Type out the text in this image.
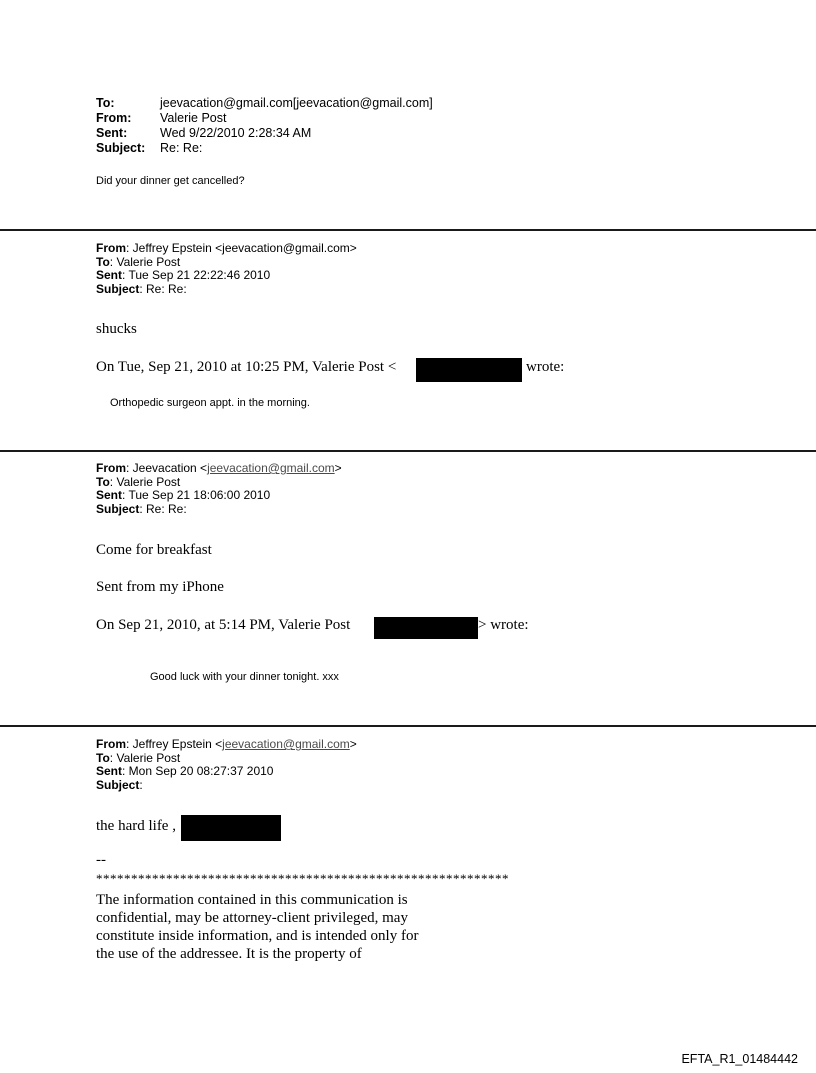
To:	jeevacation@gmail.com[jeevacation@gmail.com]
From: Valerie Post
Sent:	Wed 9/22/2010 2:28:34 AM
Subject: Re: Re:
Did your dinner get cancelled?
From: Jeffrey Epstein <jeevacation@gmail.com>
To: Valerie Post
Sent: Tue Sep 21 22:22:46 2010
Subject: Re: Re:
shucks
On Tue, Sep 21, 2010 at 10:25 PM, Valerie Post <	wrote:
Orthopedic surgeon appt. in the morning.
From: Jeevacation <jeevacation@gmail.com>
To: Valerie Post
Sent: Tue Sep 21 18:06:00 2010
Subject: Re: Re:
Come for breakfast
Sent from my iPhone
On Sep 21, 2010, at 5:14 PM, Valerie Post	> wrote:
Good luck with your dinner tonight. xxx
From: Jeffrey Epstein <jeevacation@gmail.com>
To: Valerie Post
Sent: Mon Sep 20 08:27:37 2010
Subject:
the hard life ,
--
***********************************************************
The information contained in this communication is
confidential, may be attorney-client privileged, may
constitute inside information, and is intended only for
the use of the addressee. It is the property of
EFTA_R1_01484442
